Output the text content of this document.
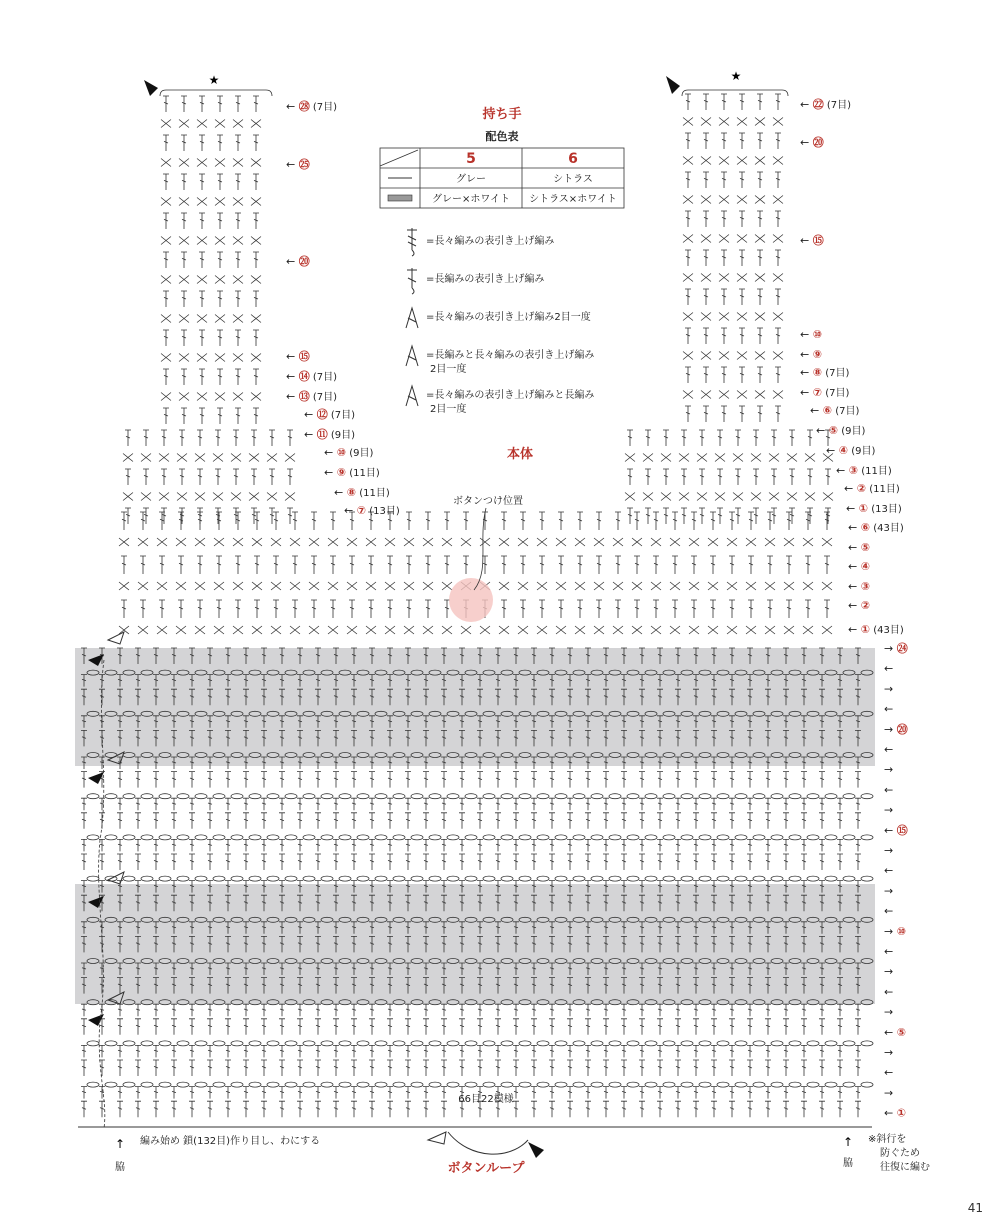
持ち手
配色表
5	6
グレー	シトラス
グレー×ホワイト シトラス×ホワイト
=長々編みの表引き上げ編み
=長編みの表引き上げ編み
=長々編みの表引き上げ編み2目一度
=長編みと長々編みの表引き上げ編み
2目一度
=長々編みの表引き上げ編みと長編み
2目一度
★	★
本体
ボタンつけ位置
66目22模様
編み始め 鎖(132目)作り目し、わにする
↑
脇
↑
脇
※斜行を
防ぐため
往復に編む
ボタンループ
← ㉘ (7目)
← ㉕
← ⑳
← ⑮
← ⑭ (7目)
← ⑬ (7目)
← ⑫ (7目)
← ⑪ (9目)
← ⑩ (9目)
← ⑨ (11目)
← ⑧ (11目)
← ⑦ (13目)
← ㉒ (7目)
← ⑳
← ⑮
← ⑩
← ⑨
← ⑧ (7目)
← ⑦ (7目)
← ⑥ (7目)
← ⑤ (9目)
← ④ (9目)
← ③ (11目)
← ② (11目)
← ① (13目)
← ⑥ (43目)
← ⑤
← ④
← ③
← ②
← ① (43目)
→ ㉔
←
→
←
→ ⑳
←
→
←
→
← ⑮
→
←
→
←
→ ⑩
←
→
←
→
← ⑤
→
←
→
← ①
41
